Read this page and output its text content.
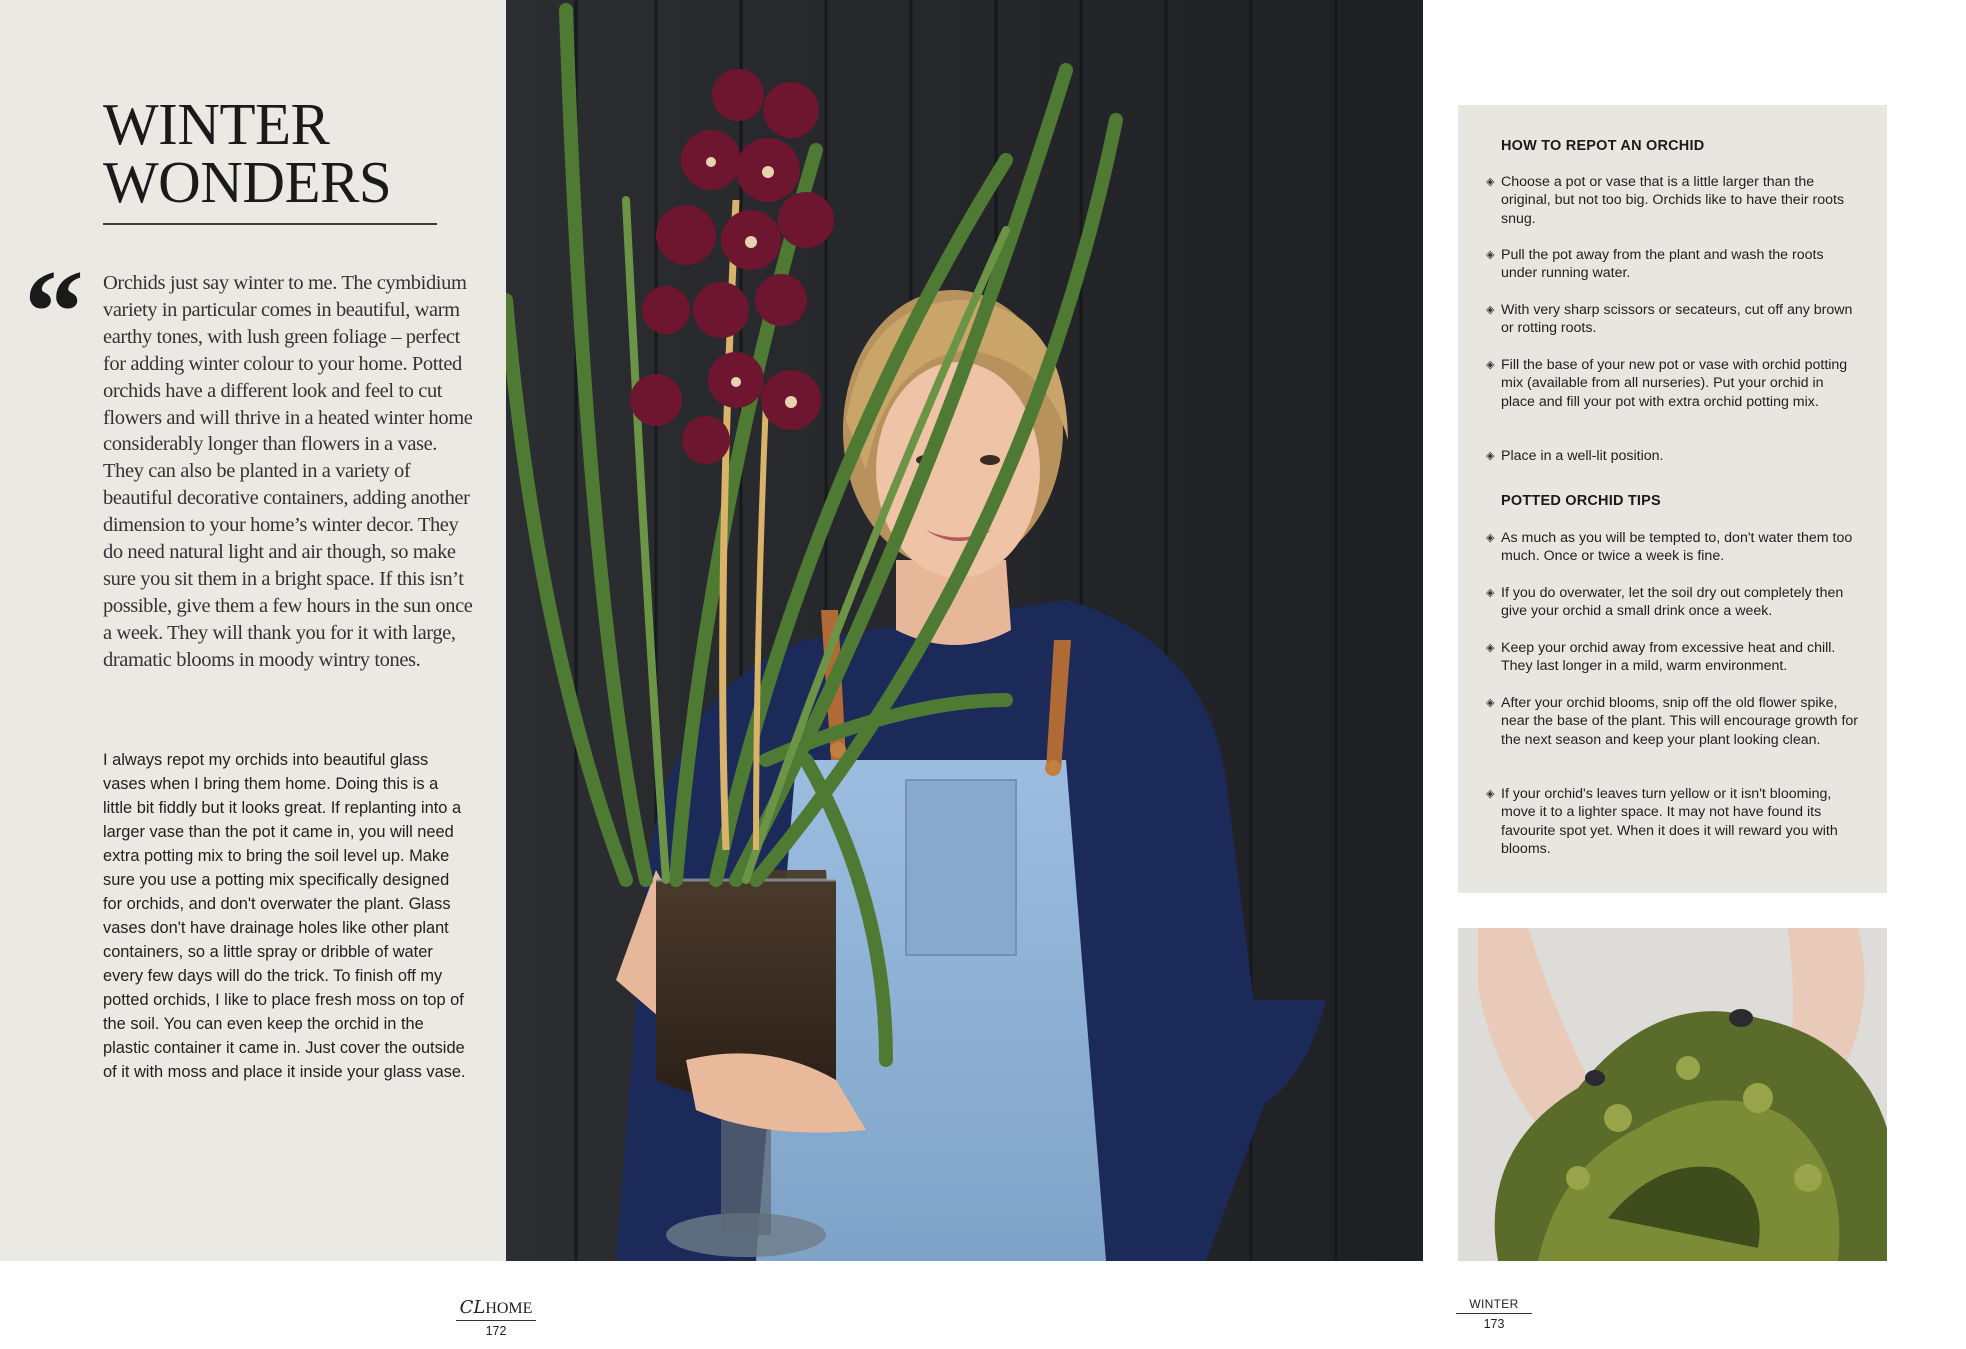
WINTER
WONDERS
“ Orchids just say winter to me. The cymbidium variety in particular comes in beautiful, warm earthy tones, with lush green foliage – perfect for adding winter colour to your home. Potted orchids have a different look and feel to cut flowers and will thrive in a heated winter home considerably longer than flowers in a vase. They can also be planted in a variety of beautiful decorative containers, adding another dimension to your home’s winter decor. They do need natural light and air though, so make sure you sit them in a bright space. If this isn’t possible, give them a few hours in the sun once a week. They will thank you for it with large, dramatic blooms in moody wintry tones.

I always repot my orchids into beautiful glass vases when I bring them home. Doing this is a little bit fiddly but it looks great. If replanting into a larger vase than the pot it came in, you will need extra potting mix to bring the soil level up. Make sure you use a potting mix specifically designed for orchids, and don't overwater the plant. Glass vases don't have drainage holes like other plant containers, so a little spray or dribble of water every few days will do the trick. To finish off my potted orchids, I like to place fresh moss on top of the soil. You can even keep the orchid in the plastic container it came in. Just cover the outside of it with moss and place it inside your glass vase.

HOW TO REPOT AN ORCHID

◈ Choose a pot or vase that is a little larger than the original, but not too big. Orchids like to have their roots snug.

◈ Pull the pot away from the plant and wash the roots under running water.

◈ With very sharp scissors or secateurs, cut off any brown or rotting roots.

◈ Fill the base of your new pot or vase with orchid potting mix (available from all nurseries). Put your orchid in place and fill your pot with extra orchid potting mix.

◈ Place in a well-lit position.

POTTED ORCHID TIPS

◈ As much as you will be tempted to, don't water them too much. Once or twice a week is fine.

◈ If you do overwater, let the soil dry out completely then give your orchid a small drink once a week.

◈ Keep your orchid away from excessive heat and chill. They last longer in a mild, warm environment.

◈ After your orchid blooms, snip off the old flower spike, near the base of the plant. This will encourage growth for the next season and keep your plant looking clean.

◈ If your orchid's leaves turn yellow or it isn't blooming, move it to a lighter space. It may not have found its favourite spot yet. When it does it will reward you with blooms.

CLHOME
172
WINTER
173
